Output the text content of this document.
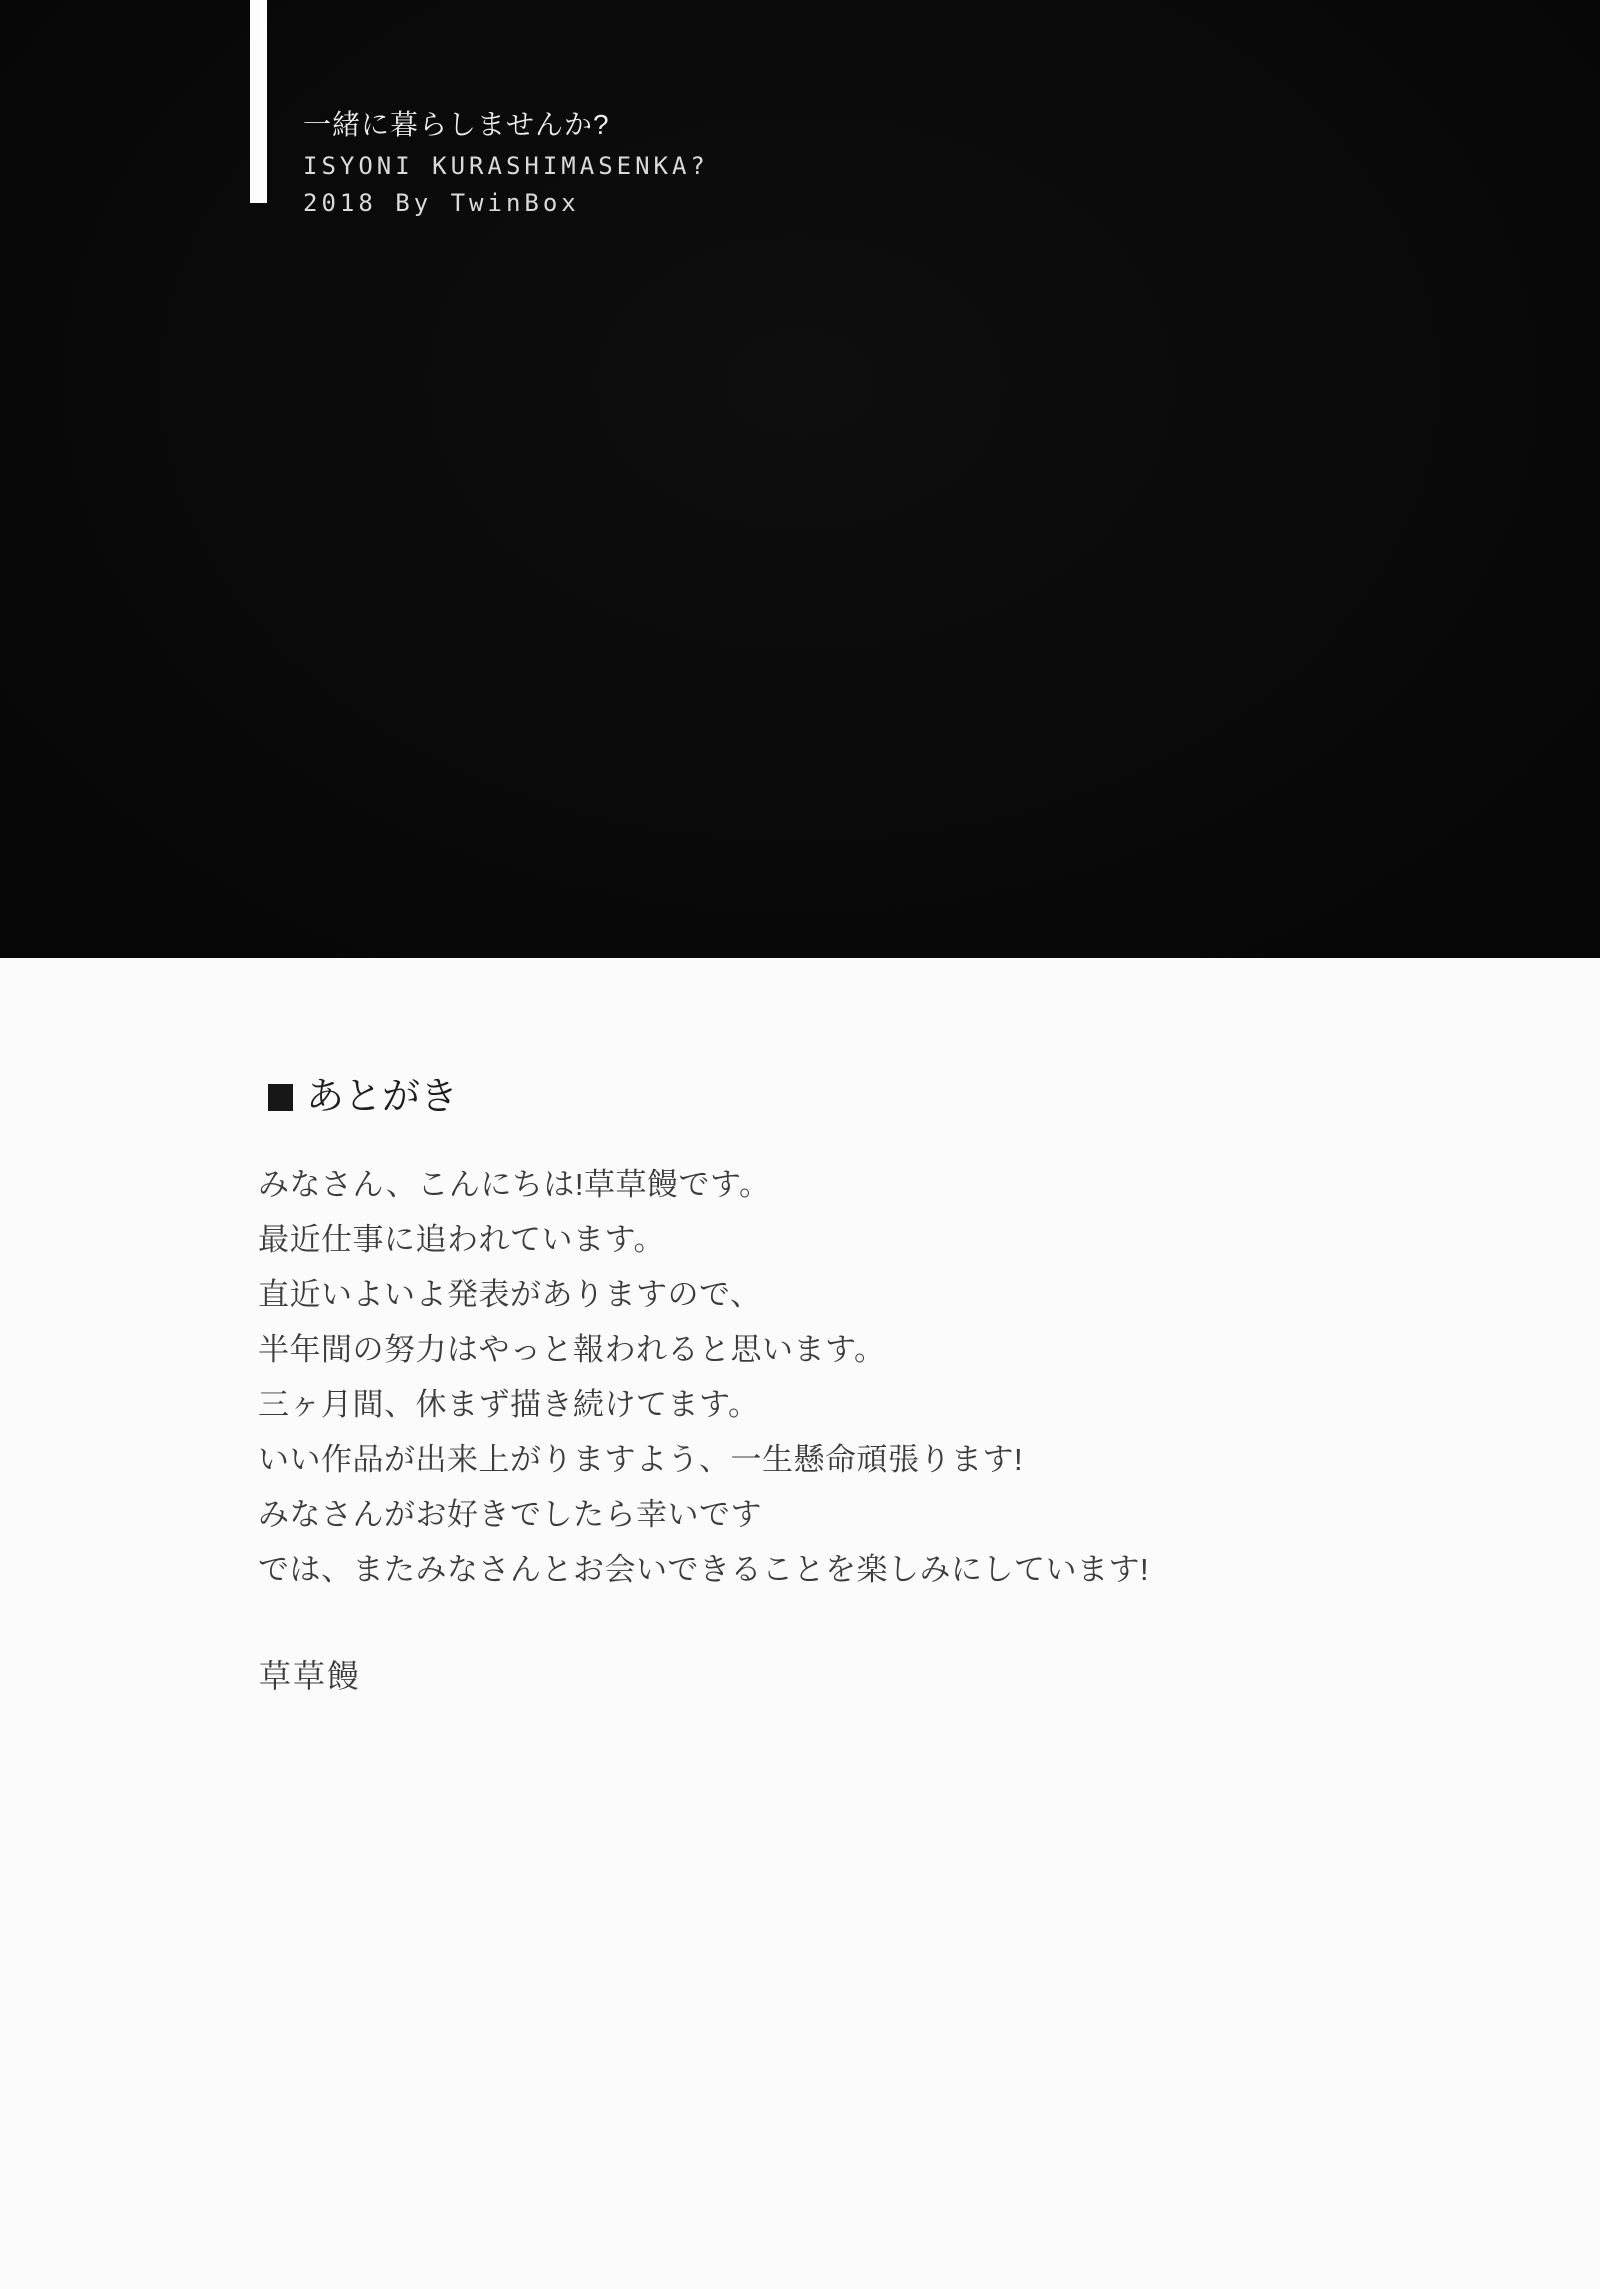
一緒に暮らしませんか?
ISYONI KURASHIMASENKA?
2018 By TwinBox
あとがき

みなさん、こんにちは!草草饅です。

最近仕事に追われています。

直近いよいよ発表がありますので、

半年間の努力はやっと報われると思います。

三ヶ月間、休まず描き続けてます。

いい作品が出来上がりますよう、一生懸命頑張ります!

みなさんがお好きでしたら幸いです

では、またみなさんとお会いできることを楽しみにしています!

草草饅
